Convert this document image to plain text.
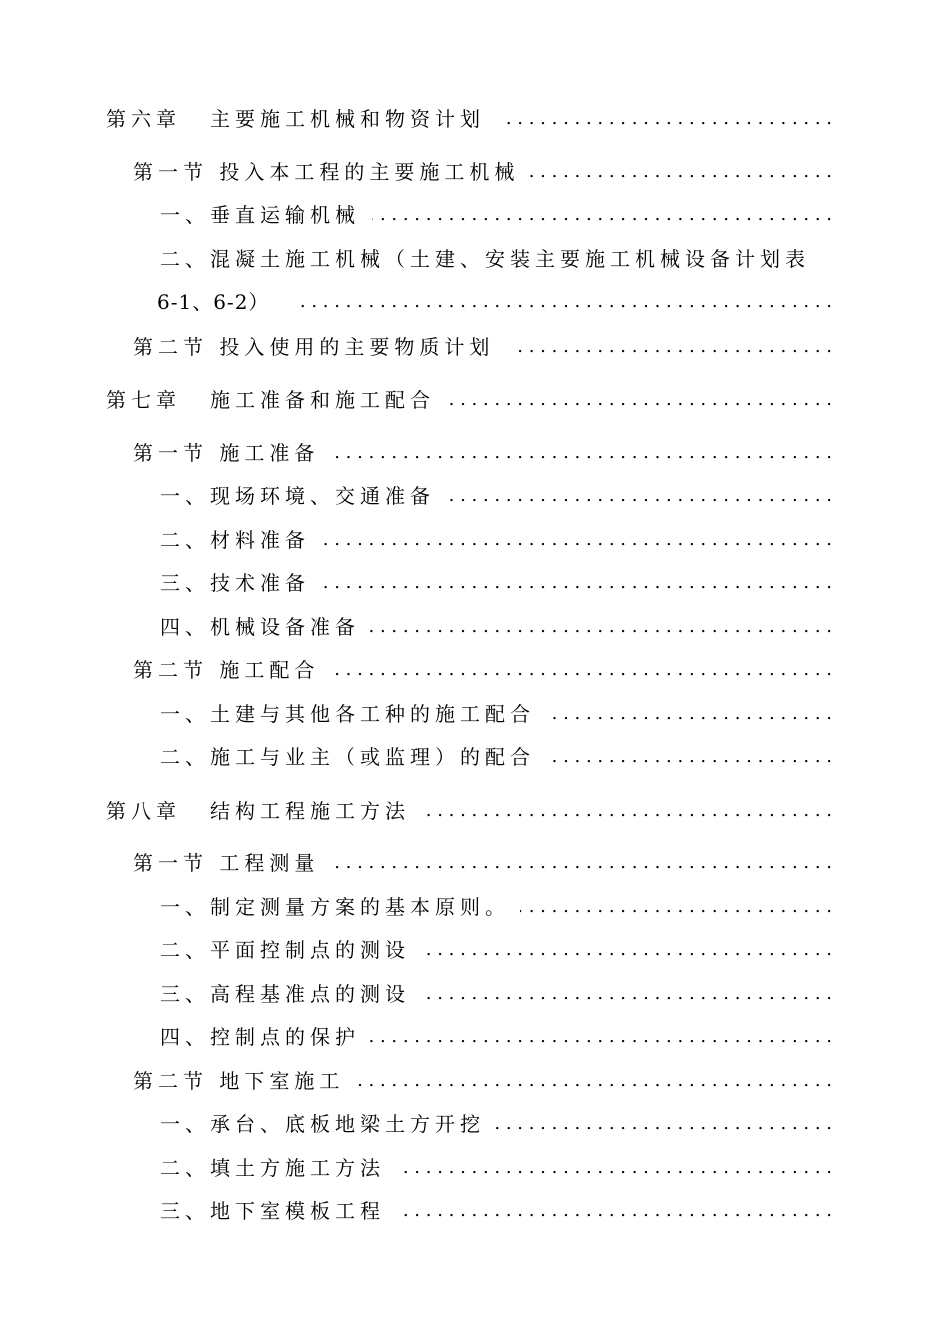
第六章 主要施工机械和物资计划
. . .
第一节 投入本工程的主要施工机械
. . .
一、垂直运输机械
. . .
二、混凝土施工机械（土建、安装主要施工机械设备计划表
6-1、6-2）
. . .
第二节 投入使用的主要物质计划
. . .
第七章 施工准备和施工配合
. . .
第一节 施工准备
. . .
一、现场环境、交通准备
. . .
二、材料准备
. . .
三、技术准备
. . .
四、机械设备准备
. . .
第二节 施工配合
. . .
一、土建与其他各工种的施工配合
. . .
二、施工与业主（或监理）的配合
. . .
第八章 结构工程施工方法
. . .
第一节 工程测量
. . .
一、制定测量方案的基本原则。
. . .
二、平面控制点的测设
. . .
三、高程基准点的测设
. . .
四、控制点的保护
. . .
第二节 地下室施工
. . .
一、承台、底板地梁土方开挖
. . .
二、填土方施工方法
. . .
三、地下室模板工程
. . .
